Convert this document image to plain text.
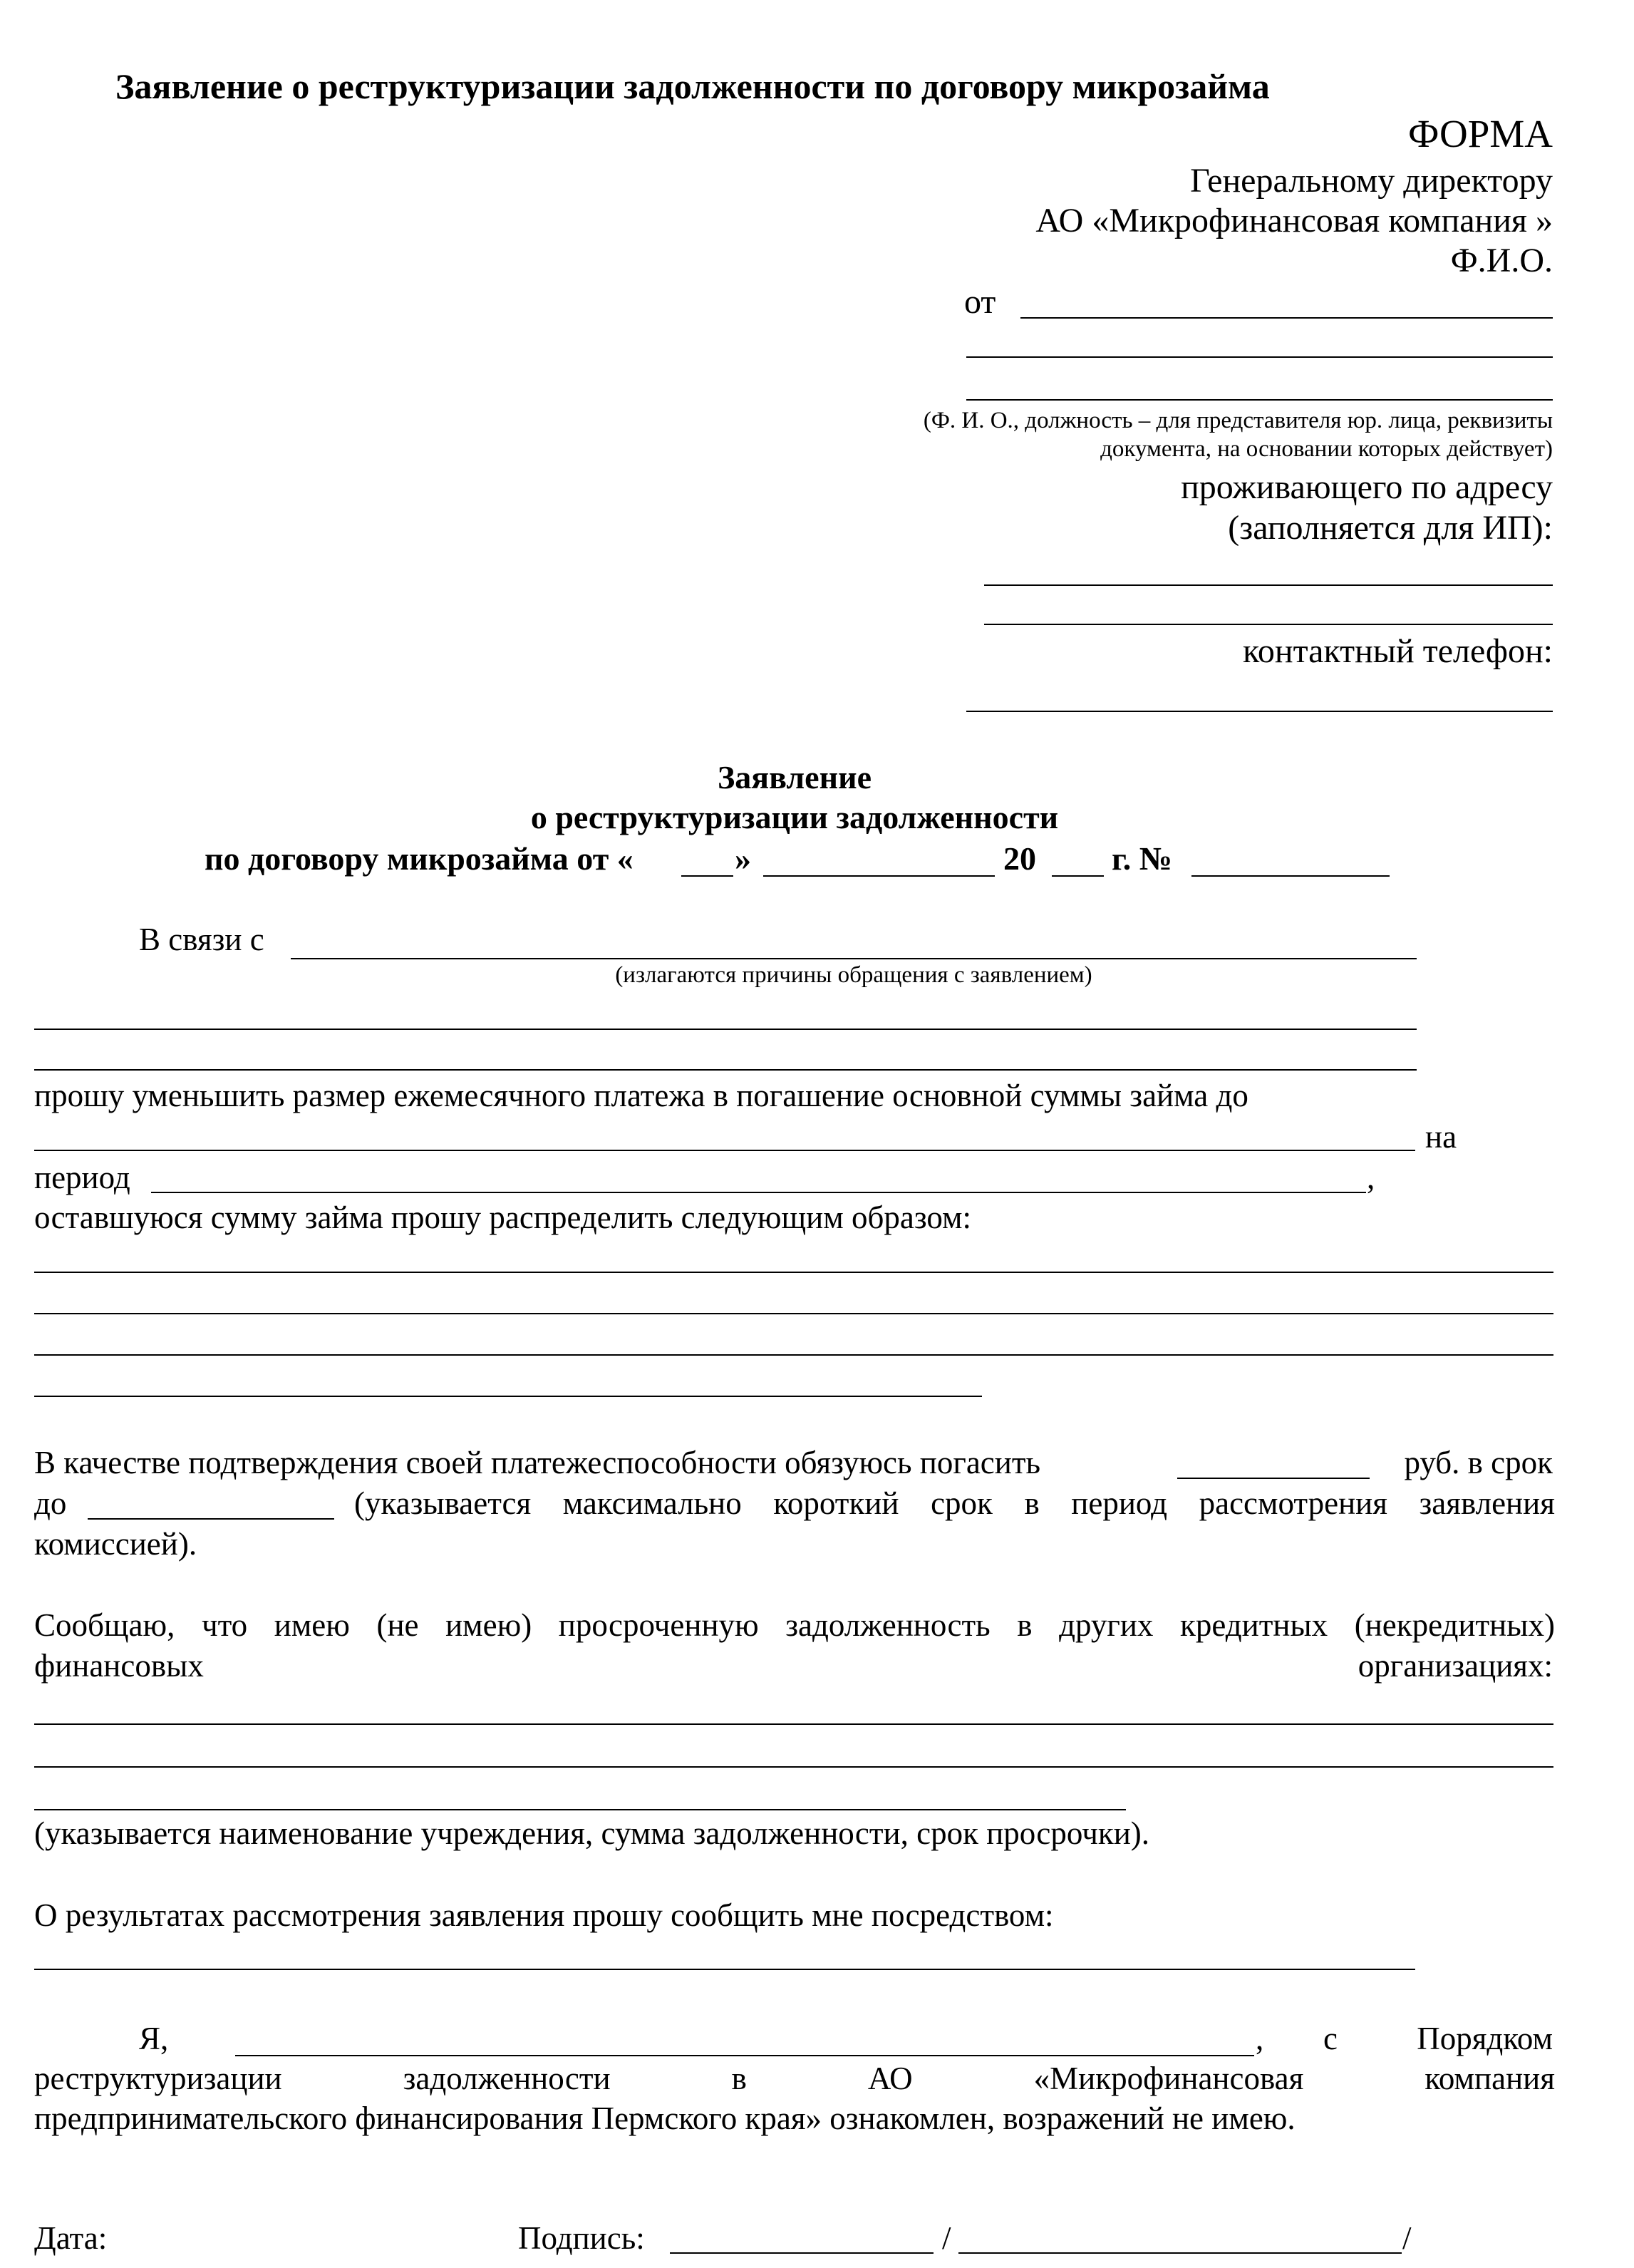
Заявление о реструктуризации задолженности по договору микрозайма
ФОРМА
Генеральному директору
АО «Микрофинансовая компания »
Ф.И.О.
от
(Ф. И. О., должность – для представителя юр. лица, реквизиты
документа, на основании которых действует)
проживающего по адресу
(заполняется для ИП):
контактный телефон:
Заявление
о реструктуризации задолженности
по договору микрозайма от «	»	20 г. №
В связи с
(излагаются причины обращения с заявлением)
прошу уменьшить размер ежемесячного платежа в погашение основной суммы займа до
на
период	,
оставшуюся сумму займа прошу распределить следующим образом:
В качестве подтверждения своей платежеспособности обязуюсь погасить	руб. в срок
до	(указывается максимально короткий срок в период рассмотрения заявления
комиссией).
Сообщаю, что имею (не имею) просроченную задолженность в других кредитных (некредитных)
финансовых	организациях:
(указывается наименование учреждения, сумма задолженности, срок просрочки).
О результатах рассмотрения заявления прошу сообщить мне посредством:
Я,	, с Порядком
реструктуризации	задолженности	в	АО	«Микрофинансовая	компания
предпринимательского финансирования Пермского края» ознакомлен, возражений не имею.
Дата:	Подпись:	/	/
